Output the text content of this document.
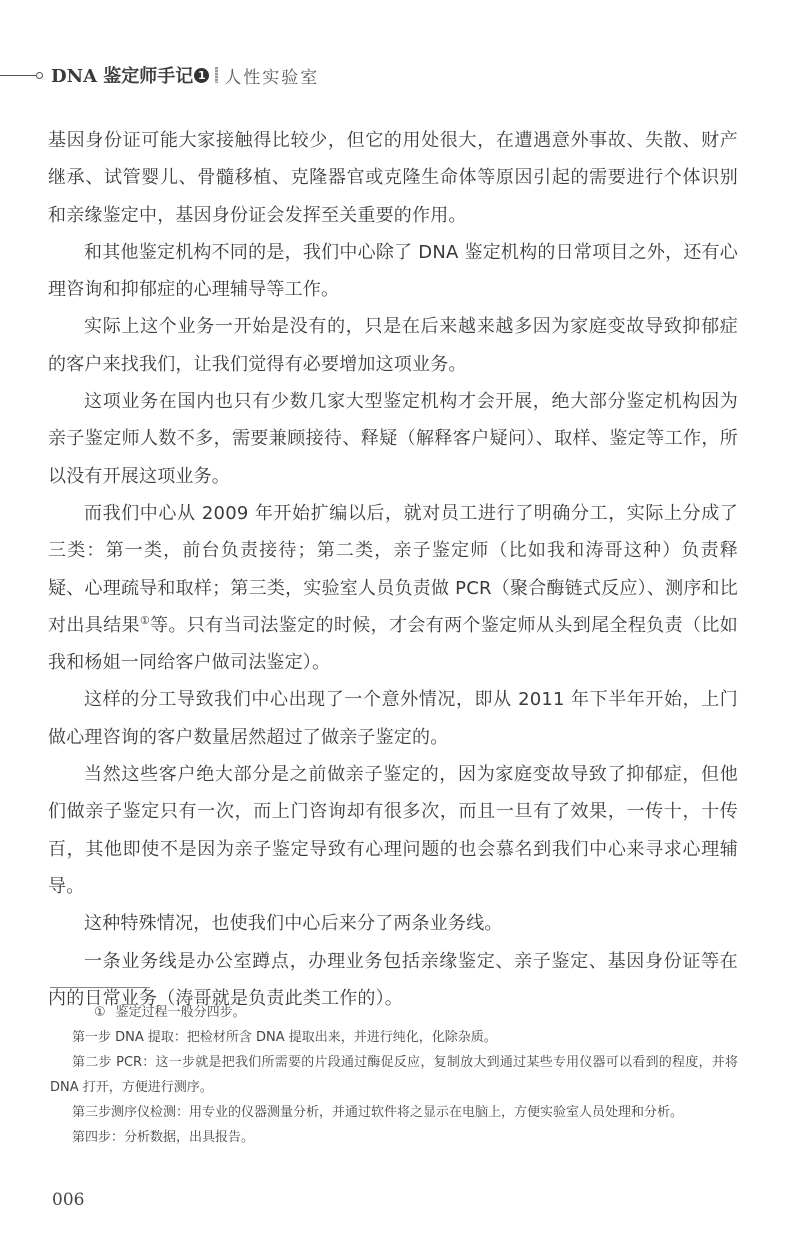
DNA 鉴定师手记 1 人性实验室

基因身份证可能大家接触得比较少，但它的用处很大，在遭遇意外事故、失散、财产继承、试管婴儿、骨髓移植、克隆器官或克隆生命体等原因引起的需要进行个体识别和亲缘鉴定中，基因身份证会发挥至关重要的作用。

和其他鉴定机构不同的是，我们中心除了 DNA 鉴定机构的日常项目之外，还有心理咨询和抑郁症的心理辅导等工作。

实际上这个业务一开始是没有的，只是在后来越来越多因为家庭变故导致抑郁症的客户来找我们，让我们觉得有必要增加这项业务。

这项业务在国内也只有少数几家大型鉴定机构才会开展，绝大部分鉴定机构因为亲子鉴定师人数不多，需要兼顾接待、释疑（解释客户疑问）、取样、鉴定等工作，所以没有开展这项业务。

而我们中心从 2009 年开始扩编以后，就对员工进行了明确分工，实际上分成了三类：第一类，前台负责接待；第二类，亲子鉴定师（比如我和涛哥这种）负责释疑、心理疏导和取样；第三类，实验室人员负责做 PCR（聚合酶链式反应）、测序和比对出具结果①等。只有当司法鉴定的时候，才会有两个鉴定师从头到尾全程负责（比如我和杨姐一同给客户做司法鉴定）。

这样的分工导致我们中心出现了一个意外情况，即从 2011 年下半年开始，上门做心理咨询的客户数量居然超过了做亲子鉴定的。

当然这些客户绝大部分是之前做亲子鉴定的，因为家庭变故导致了抑郁症，但他们做亲子鉴定只有一次，而上门咨询却有很多次，而且一旦有了效果，一传十，十传百，其他即使不是因为亲子鉴定导致有心理问题的也会慕名到我们中心来寻求心理辅导。

这种特殊情况，也使我们中心后来分了两条业务线。

一条业务线是办公室蹲点，办理业务包括亲缘鉴定、亲子鉴定、基因身份证等在内的日常业务（涛哥就是负责此类工作的）。

① 鉴定过程一般分四步。

第一步 DNA 提取：把检材所含 DNA 提取出来，并进行纯化，化除杂质。

第二步 PCR：这一步就是把我们所需要的片段通过酶促反应，复制放大到通过某些专用仪器可以看到的程度，并将 DNA 打开，方便进行测序。

第三步测序仪检测：用专业的仪器测量分析，并通过软件将之显示在电脑上，方便实验室人员处理和分析。

第四步：分析数据，出具报告。

006
